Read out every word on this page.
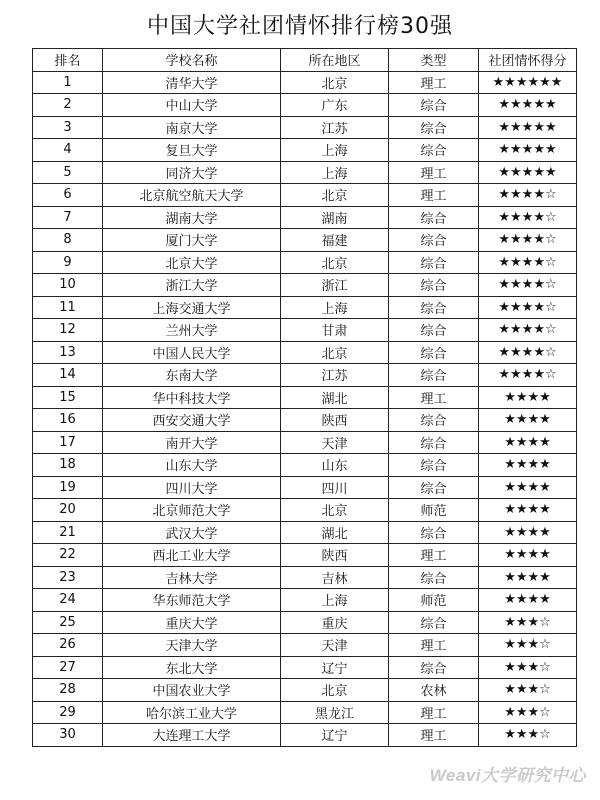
中国大学社团情怀排行榜30强
排名	学校名称	所在地区	类型	社团情怀得分
1	清华大学	北京	理工	★★★★★★
2	中山大学	广东	综合	★★★★★
3	南京大学	江苏	综合	★★★★★
4	复旦大学	上海	综合	★★★★★
5	同济大学	上海	理工	★★★★★
6	北京航空航天大学	北京	理工	★★★★☆
7	湖南大学	湖南	综合	★★★★☆
8	厦门大学	福建	综合	★★★★☆
9	北京大学	北京	综合	★★★★☆
10	浙江大学	浙江	综合	★★★★☆
11	上海交通大学	上海	综合	★★★★☆
12	兰州大学	甘肃	综合	★★★★☆
13	中国人民大学	北京	综合	★★★★☆
14	东南大学	江苏	综合	★★★★☆
15	华中科技大学	湖北	理工	★★★★
16	西安交通大学	陕西	综合	★★★★
17	南开大学	天津	综合	★★★★
18	山东大学	山东	综合	★★★★
19	四川大学	四川	综合	★★★★
20	北京师范大学	北京	师范	★★★★
21	武汉大学	湖北	综合	★★★★
22	西北工业大学	陕西	理工	★★★★
23	吉林大学	吉林	综合	★★★★
24	华东师范大学	上海	师范	★★★★
25	重庆大学	重庆	综合	★★★☆
26	天津大学	天津	理工	★★★☆
27	东北大学	辽宁	综合	★★★☆
28	中国农业大学	北京	农林	★★★☆
29	哈尔滨工业大学	黑龙江	理工	★★★☆
30	大连理工大学	辽宁	理工	★★★☆
Weavi大学研究中心
